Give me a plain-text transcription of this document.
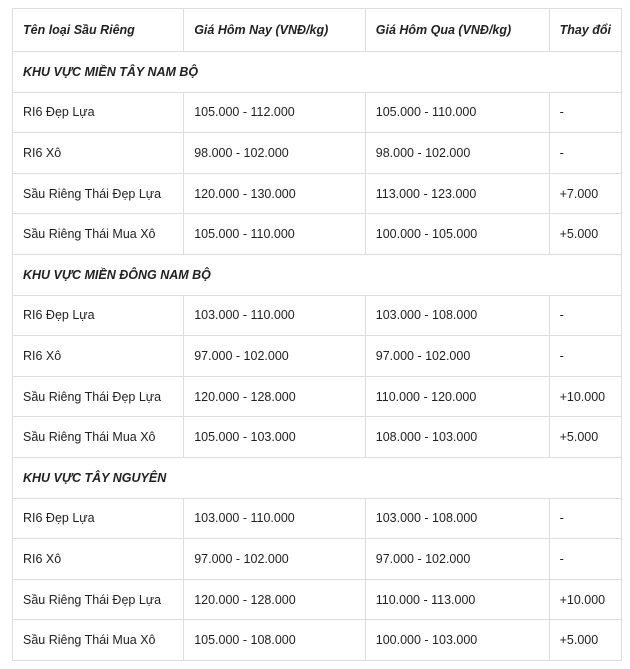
Tên loại Sầu Riêng	Giá Hôm Nay (VNĐ/kg)	Giá Hôm Qua (VNĐ/kg)	Thay đổi
KHU VỰC MIỀN TÂY NAM BỘ			
RI6 Đẹp Lựa	105.000 - 112.000	105.000 - 110.000	-
RI6 Xô	98.000 - 102.000	98.000 - 102.000	-
Sầu Riêng Thái Đẹp Lựa	120.000 - 130.000	113.000 - 123.000	+7.000
Sầu Riêng Thái Mua Xô	105.000 - 110.000	100.000 - 105.000	+5.000
KHU VỰC MIỀN ĐÔNG NAM BỘ			
RI6 Đẹp Lựa	103.000 - 110.000	103.000 - 108.000	-
RI6 Xô	97.000 - 102.000	97.000 - 102.000	-
Sầu Riêng Thái Đẹp Lựa	120.000 - 128.000	110.000 - 120.000	+10.000
Sầu Riêng Thái Mua Xô	105.000 - 103.000	108.000 - 103.000	+5.000
KHU VỰC TÂY NGUYÊN			
RI6 Đẹp Lựa	103.000 - 110.000	103.000 - 108.000	-
RI6 Xô	97.000 - 102.000	97.000 - 102.000	-
Sầu Riêng Thái Đẹp Lựa	120.000 - 128.000	110.000 - 113.000	+10.000
Sầu Riêng Thái Mua Xô	105.000 - 108.000	100.000 - 103.000	+5.000
